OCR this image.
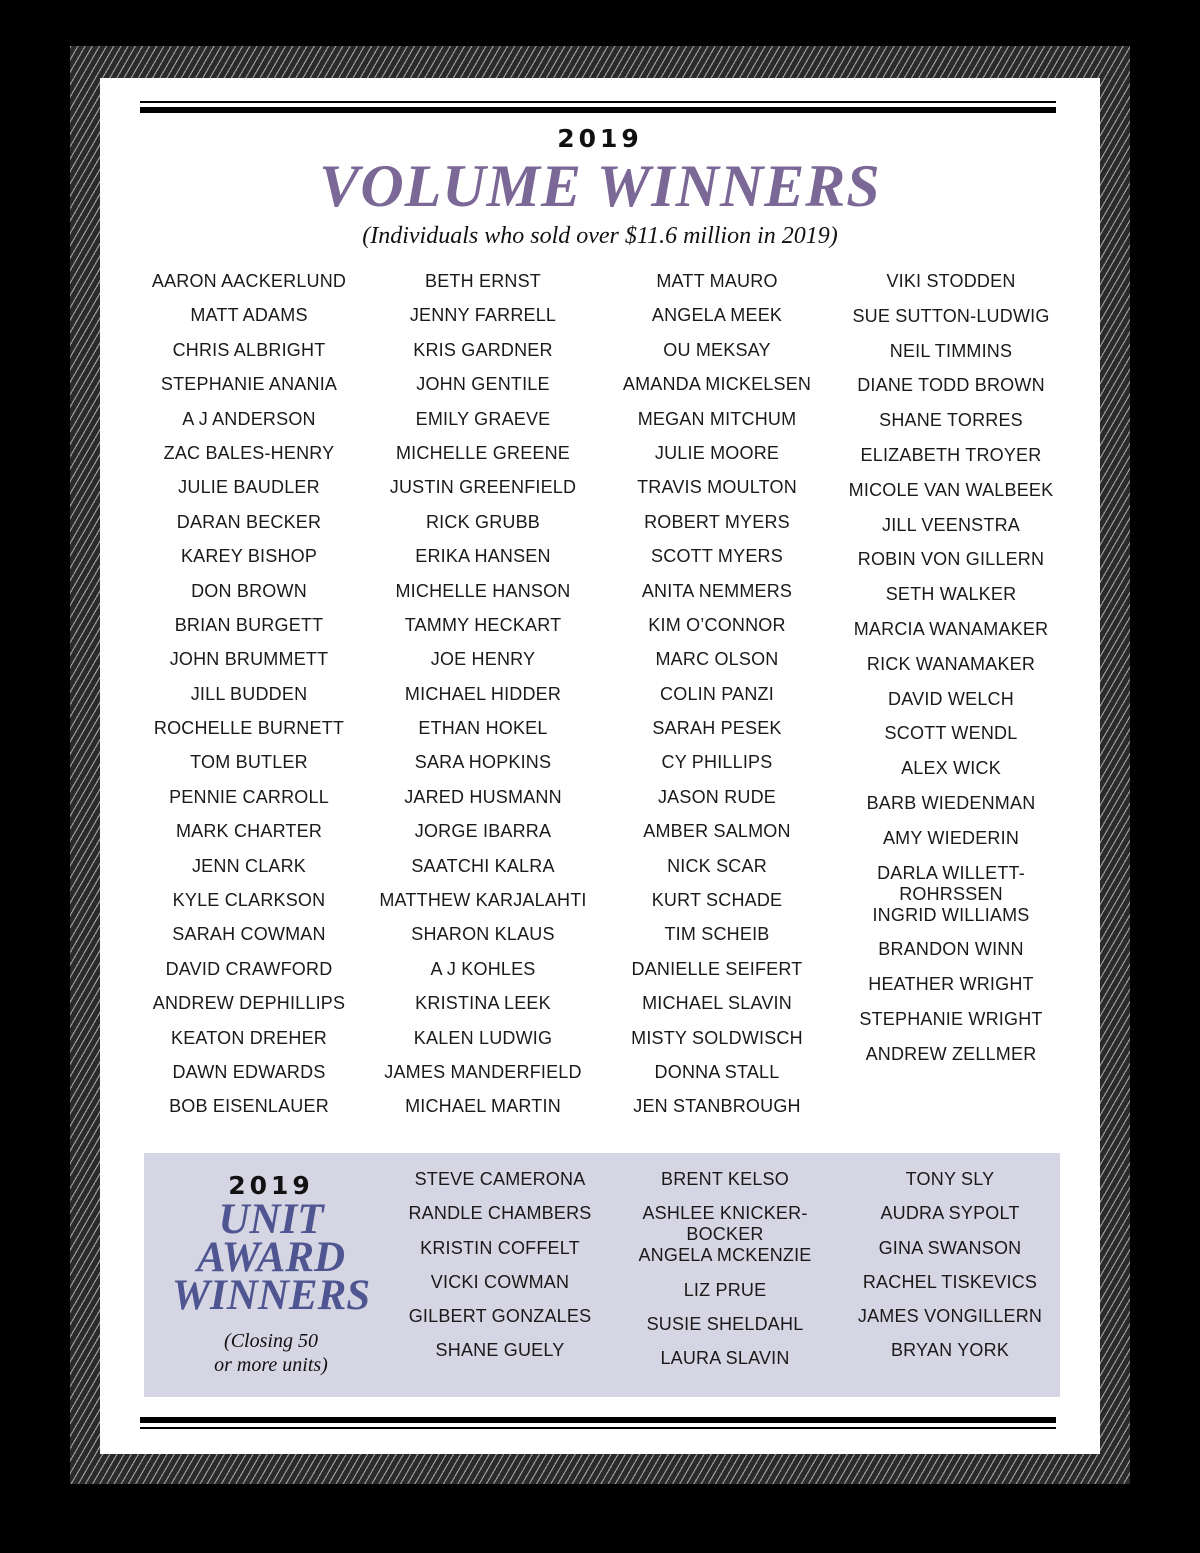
2019
VOLUME WINNERS
(Individuals who sold over $11.6 million in 2019)
AARON AACKERLUND
MATT ADAMS
CHRIS ALBRIGHT
STEPHANIE ANANIA
A J ANDERSON
ZAC BALES-HENRY
JULIE BAUDLER
DARAN BECKER
KAREY BISHOP
DON BROWN
BRIAN BURGETT
JOHN BRUMMETT
JILL BUDDEN
ROCHELLE BURNETT
TOM BUTLER
PENNIE CARROLL
MARK CHARTER
JENN CLARK
KYLE CLARKSON
SARAH COWMAN
DAVID CRAWFORD
ANDREW DEPHILLIPS
KEATON DREHER
DAWN EDWARDS
BOB EISENLAUER
BETH ERNST
JENNY FARRELL
KRIS GARDNER
JOHN GENTILE
EMILY GRAEVE
MICHELLE GREENE
JUSTIN GREENFIELD
RICK GRUBB
ERIKA HANSEN
MICHELLE HANSON
TAMMY HECKART
JOE HENRY
MICHAEL HIDDER
ETHAN HOKEL
SARA HOPKINS
JARED HUSMANN
JORGE IBARRA
SAATCHI KALRA
MATTHEW KARJALAHTI
SHARON KLAUS
A J KOHLES
KRISTINA LEEK
KALEN LUDWIG
JAMES MANDERFIELD
MICHAEL MARTIN
MATT MAURO
ANGELA MEEK
OU MEKSAY
AMANDA MICKELSEN
MEGAN MITCHUM
JULIE MOORE
TRAVIS MOULTON
ROBERT MYERS
SCOTT MYERS
ANITA NEMMERS
KIM O’CONNOR
MARC OLSON
COLIN PANZI
SARAH PESEK
CY PHILLIPS
JASON RUDE
AMBER SALMON
NICK SCAR
KURT SCHADE
TIM SCHEIB
DANIELLE SEIFERT
MICHAEL SLAVIN
MISTY SOLDWISCH
DONNA STALL
JEN STANBROUGH
VIKI STODDEN
SUE SUTTON-LUDWIG
NEIL TIMMINS
DIANE TODD BROWN
SHANE TORRES
ELIZABETH TROYER
MICOLE VAN WALBEEK
JILL VEENSTRA
ROBIN VON GILLERN
SETH WALKER
MARCIA WANAMAKER
RICK WANAMAKER
DAVID WELCH
SCOTT WENDL
ALEX WICK
BARB WIEDENMAN
AMY WIEDERIN
DARLA WILLETT-
ROHRSSEN
INGRID WILLIAMS
BRANDON WINN
HEATHER WRIGHT
STEPHANIE WRIGHT
ANDREW ZELLMER
2019
UNIT
AWARD
WINNERS
(Closing 50
or more units)
STEVE CAMERONA
RANDLE CHAMBERS
KRISTIN COFFELT
VICKI COWMAN
GILBERT GONZALES
SHANE GUELY
BRENT KELSO
ASHLEE KNICKER-
BOCKER
ANGELA MCKENZIE
LIZ PRUE
SUSIE SHELDAHL
LAURA SLAVIN
TONY SLY
AUDRA SYPOLT
GINA SWANSON
RACHEL TISKEVICS
JAMES VONGILLERN
BRYAN YORK
